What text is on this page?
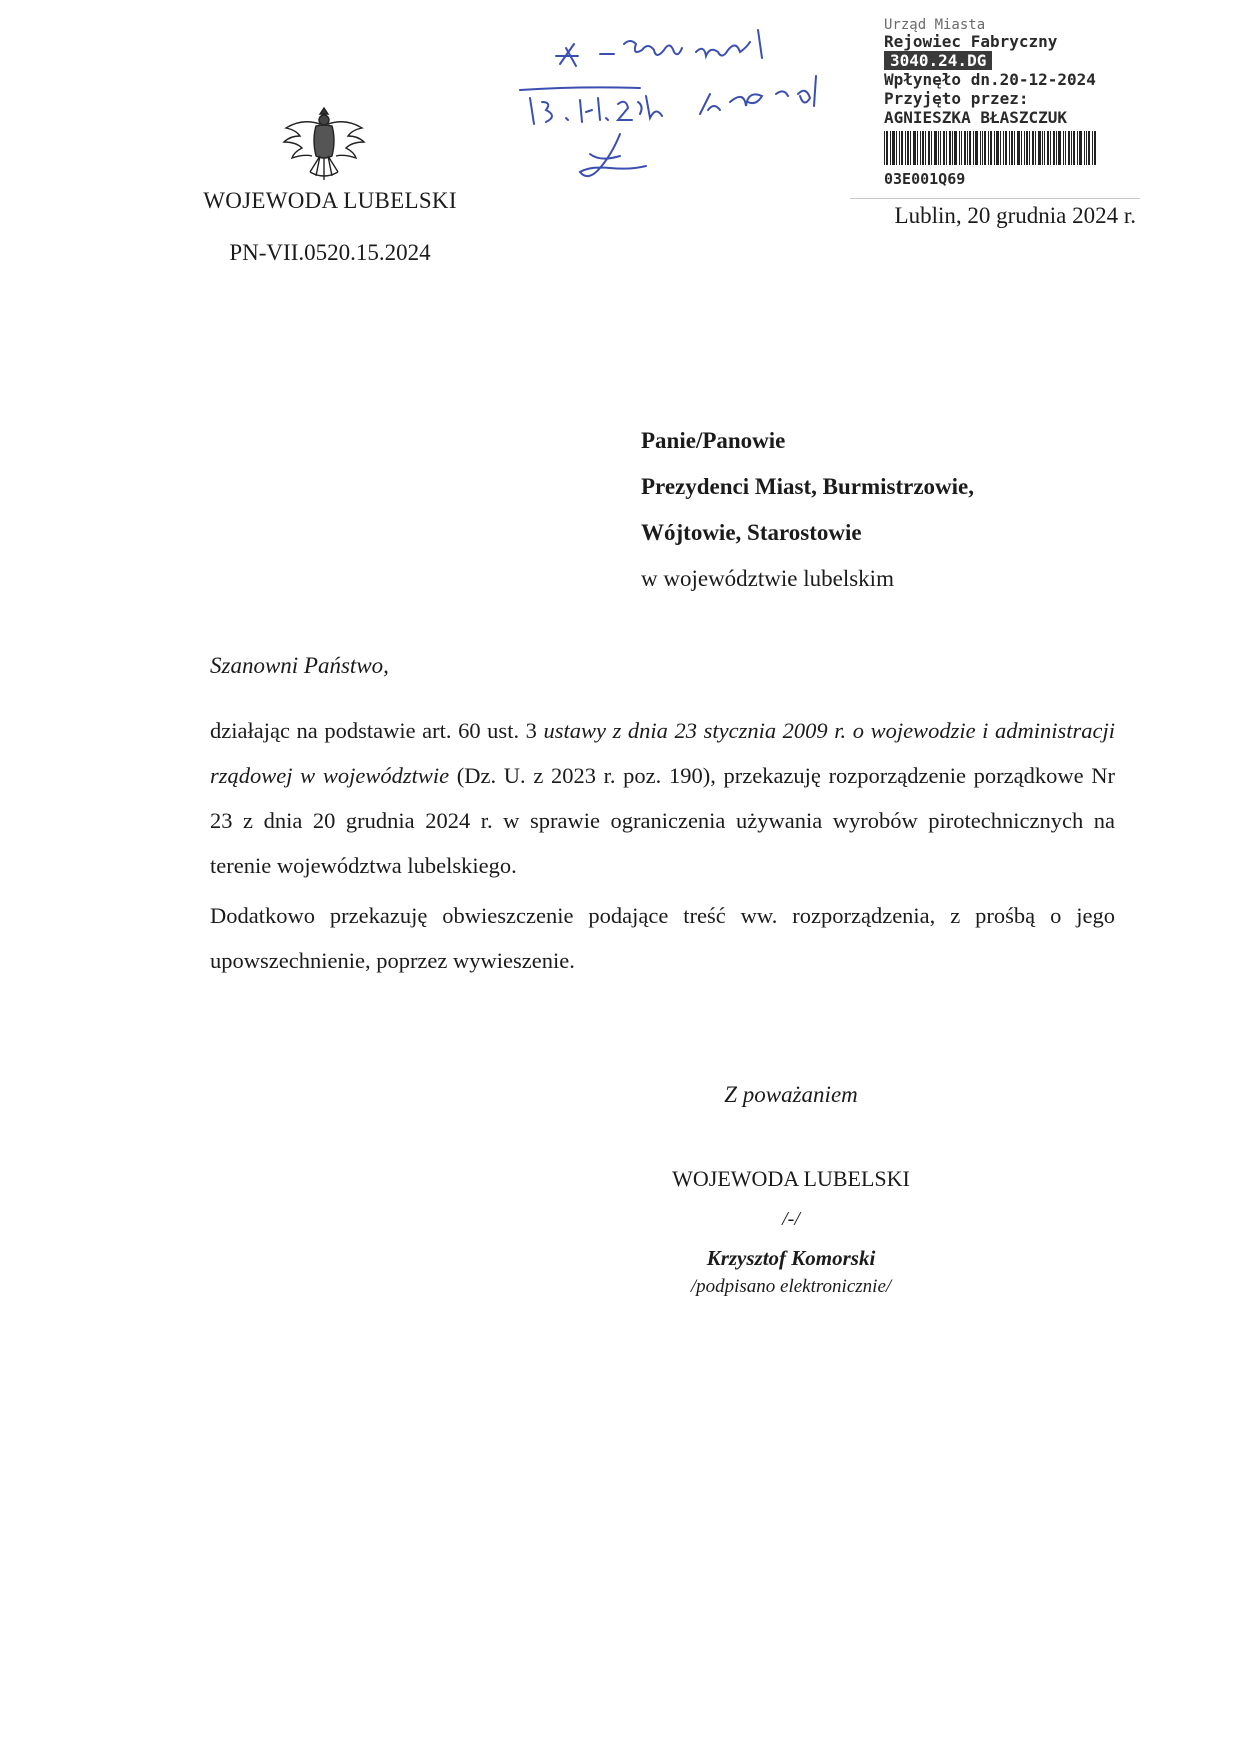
WOJEWODA LUBELSKI
PN-VII.0520.15.2024
Urząd Miasta
Rejowiec Fabryczny
3040.24.DG
Wpłynęło dn.20-12-2024
Przyjęto przez:
AGNIESZKA BŁASZCZUK
03E001Q69
Lublin, 20 grudnia 2024 r.
Panie/Panowie
Prezydenci Miast, Burmistrzowie,
Wójtowie, Starostowie
w województwie lubelskim
Szanowni Państwo,
działając na podstawie art. 60 ust. 3 ustawy z dnia 23 stycznia 2009 r. o wojewodzie i administracji rządowej w województwie (Dz. U. z 2023 r. poz. 190), przekazuję rozporządzenie porządkowe Nr 23 z dnia 20 grudnia 2024 r. w sprawie ograniczenia używania wyrobów pirotechnicznych na terenie województwa lubelskiego.
Dodatkowo przekazuję obwieszczenie podające treść ww. rozporządzenia, z prośbą o jego upowszechnienie, poprzez wywieszenie.
Z poważaniem
WOJEWODA LUBELSKI
/-/
Krzysztof Komorski
/podpisano elektronicznie/
